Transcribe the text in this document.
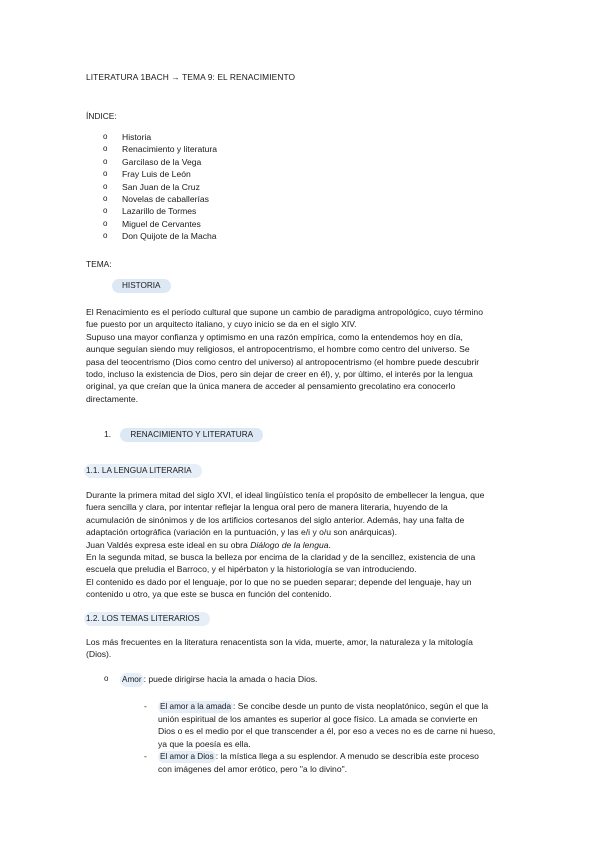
LITERATURA 1BACH → TEMA 9: EL RENACIMIENTO
ÍNDICE:
o Historia
o Renacimiento y literatura
o Garcilaso de la Vega
o Fray Luis de León
o San Juan de la Cruz
o Novelas de caballerías
o Lazarillo de Tormes
o Miguel de Cervantes
o Don Quijote de la Macha
TEMA:
HISTORIA
El Renacimiento es el período cultural que supone un cambio de paradigma antropológico, cuyo término
fue puesto por un arquitecto italiano, y cuyo inicio se da en el siglo XIV.
Supuso una mayor confianza y optimismo en una razón empírica, como la entendemos hoy en día,
aunque seguían siendo muy religiosos, el antropocentrismo, el hombre como centro del universo. Se
pasa del teocentrismo (Dios como centro del universo) al antropocentrismo (el hombre puede descubrir
todo, incluso la existencia de Dios, pero sin dejar de creer en él), y, por último, el interés por la lengua
original, ya que creían que la única manera de acceder al pensamiento grecolatino era conocerlo
directamente.
1. RENACIMIENTO Y LITERATURA
1.1. LA LENGUA LITERARIA
Durante la primera mitad del siglo XVI, el ideal lingüístico tenía el propósito de embellecer la lengua, que
fuera sencilla y clara, por intentar reflejar la lengua oral pero de manera literaria, huyendo de la
acumulación de sinónimos y de los artificios cortesanos del siglo anterior. Además, hay una falta de
adaptación ortográfica (variación en la puntuación, y las e/i y o/u son anárquicas).
Juan Valdés expresa este ideal en su obra Diálogo de la lengua.
En la segunda mitad, se busca la belleza por encima de la claridad y de la sencillez, existencia de una
escuela que preludia el Barroco, y el hipérbaton y la historiología se van introduciendo.
El contenido es dado por el lenguaje, por lo que no se pueden separar; depende del lenguaje, hay un
contenido u otro, ya que este se busca en función del contenido.
1.2. LOS TEMAS LITERARIOS
Los más frecuentes en la literatura renacentista son la vida, muerte, amor, la naturaleza y la mitología
(Dios).
o Amor : puede dirigirse hacia la amada o hacia Dios.
- El amor a la amada : Se concibe desde un punto de vista neoplatónico, según el que la
unión espiritual de los amantes es superior al goce físico. La amada se convierte en
Dios o es el medio por el que transcender a él, por eso a veces no es de carne ni hueso,
ya que la poesía es ella.
- El amor a Dios : la mística llega a su esplendor. A menudo se describía este proceso
con imágenes del amor erótico, pero "a lo divino".
